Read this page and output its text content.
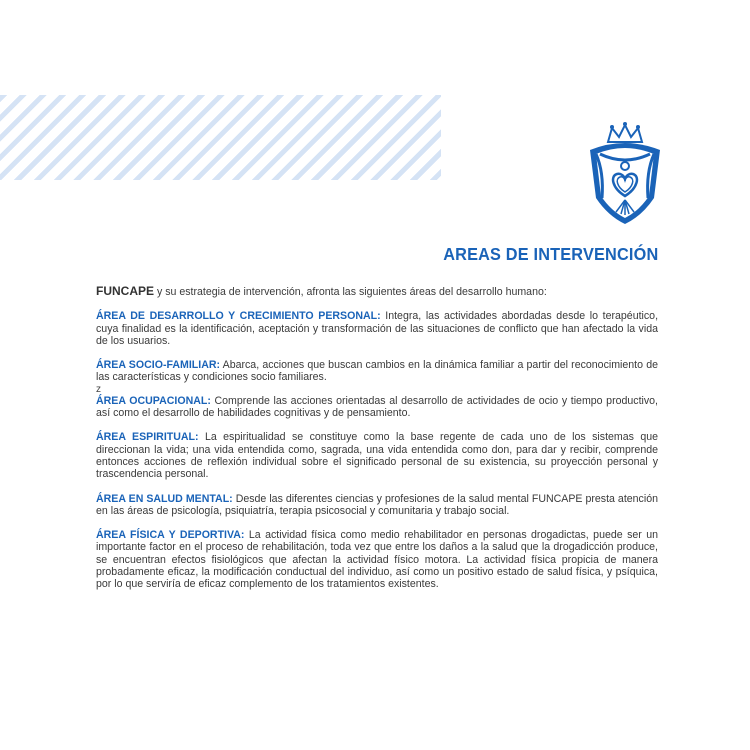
AREAS DE INTERVENCIÓN

FUNCAPE y su estrategia de intervención, afronta las siguientes áreas del desarrollo humano:

ÁREA DE DESARROLLO Y CRECIMIENTO PERSONAL: Integra, las actividades abordadas desde lo terapéutico, cuya finalidad es la identificación, aceptación y transformación de las situaciones de conflicto que han afectado la vida de los usuarios.

ÁREA SOCIO-FAMILIAR: Abarca, acciones que buscan cambios en la dinámica familiar a partir del reconocimiento de las características y condiciones socio familiares.

z

ÁREA OCUPACIONAL: Comprende las acciones orientadas al desarrollo de actividades de ocio y tiempo productivo, así como el desarrollo de habilidades cognitivas y de pensamiento.

ÁREA ESPIRITUAL: La espiritualidad se constituye como la base regente de cada uno de los sistemas que direccionan la vida; una vida entendida como, sagrada, una vida entendida como don, para dar y recibir, comprende entonces acciones de reflexión individual sobre el significado personal de su existencia, su proyección personal y trascendencia personal.

ÁREA EN SALUD MENTAL: Desde las diferentes ciencias y profesiones de la salud mental FUNCAPE presta atención en las áreas de psicología, psiquiatría, terapia psicosocial y comunitaria y trabajo social.

ÁREA FÍSICA Y DEPORTIVA: La actividad física como medio rehabilitador en personas drogadictas, puede ser un importante factor en el proceso de rehabilitación, toda vez que entre los daños a la salud que la drogadicción produce, se encuentran efectos fisiológicos que afectan la actividad físico motora. La actividad física propicia de manera probadamente eficaz, la modificación conductual del individuo, así como un positivo estado de salud física, y psíquica, por lo que serviría de eficaz complemento de los tratamientos existentes.
